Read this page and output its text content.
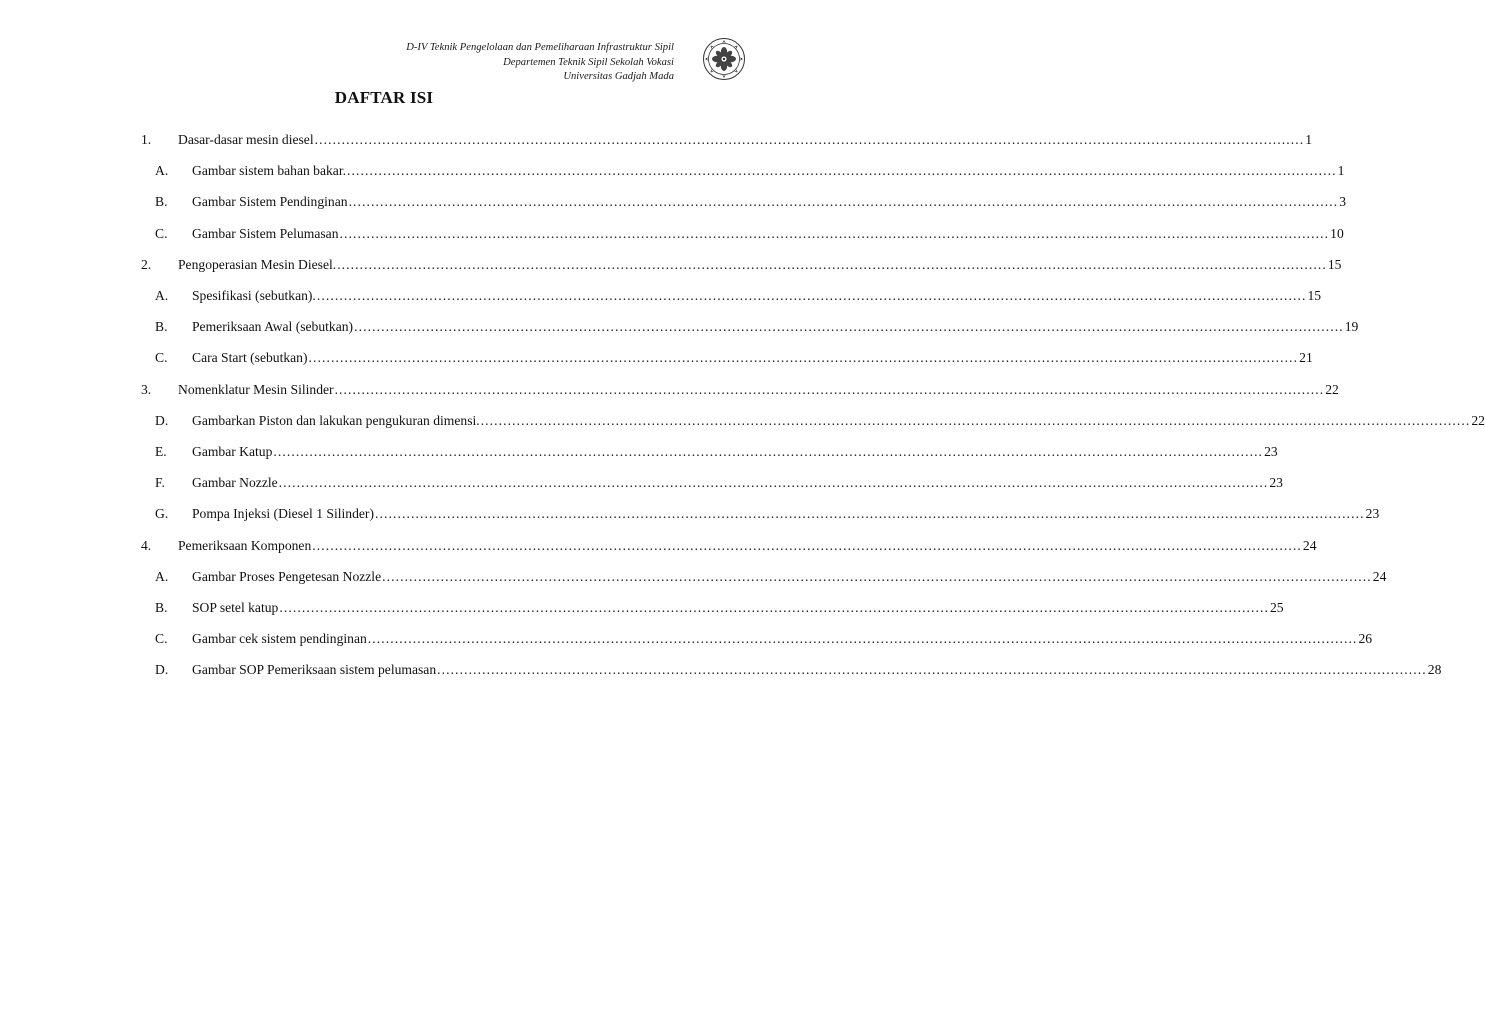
D-IV Teknik Pengelolaan dan Pemeliharaan Infrastruktur Sipil
Departemen Teknik Sipil Sekolah Vokasi
Universitas Gadjah Mada
DAFTAR ISI
1. Dasar-dasar mesin diesel ............................................................................................................................................................................................................................ 1
A. Gambar sistem bahan bakar. ............................................................................................................................................................................................................................ 1
B. Gambar Sistem Pendinginan ............................................................................................................................................................................................................................ 3
C. Gambar Sistem Pelumasan ............................................................................................................................................................................................................................ 10
2. Pengoperasian Mesin Diesel. ............................................................................................................................................................................................................................ 15
A. Spesifikasi (sebutkan). ............................................................................................................................................................................................................................ 15
B. Pemeriksaan Awal (sebutkan) ............................................................................................................................................................................................................................ 19
C. Cara Start (sebutkan) ............................................................................................................................................................................................................................ 21
3. Nomenklatur Mesin Silinder ............................................................................................................................................................................................................................ 22
D. Gambarkan Piston dan lakukan pengukuran dimensi. ............................................................................................................................................................................................................................ 22
E. Gambar Katup ............................................................................................................................................................................................................................ 23
F. Gambar Nozzle ............................................................................................................................................................................................................................ 23
G. Pompa Injeksi (Diesel 1 Silinder) ............................................................................................................................................................................................................................ 23
4. Pemeriksaan Komponen ............................................................................................................................................................................................................................ 24
A. Gambar Proses Pengetesan Nozzle ............................................................................................................................................................................................................................ 24
B. SOP setel katup ............................................................................................................................................................................................................................ 25
C. Gambar cek sistem pendinginan ............................................................................................................................................................................................................................ 26
D. Gambar SOP Pemeriksaan sistem pelumasan ............................................................................................................................................................................................................................ 28
